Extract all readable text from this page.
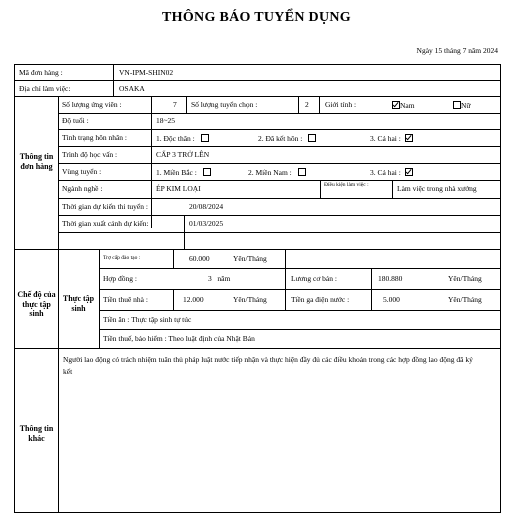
THÔNG BÁO TUYỂN DỤNG
Ngày 15 tháng 7 năm 2024
Mã đơn hàng :	VN-IPM-SHIN02
Địa chỉ làm việc:	OSAKA
Thông tin đơn hàng
Chế độ của thực tập sinh
Thực tập sinh
Thông tin khác
Số lượng ứng viên :	7 Số lượng tuyển chọn :	2 Giới tính :	Nam	Nữ
Độ tuổi :	18~25
Tình trạng hôn nhân :	1. Độc thân :	2. Đã kết hôn :	3. Cả hai :
Trình độ học vấn :	CẤP 3 TRỞ LÊN
Vùng tuyển :	1. Miền Bắc :	2. Miền Nam :	3. Cả hai :
Ngành nghề :	ÉP KIM LOẠI	Điều kiện làm việc :	Làm việc trong nhà xưởng
Thời gian dự kiến thi tuyển :	20/08/2024
Thời gian xuất cảnh dự kiến:	01/03/2025
Trợ cấp đào tạo :	60.000	Yên/Tháng
Hợp đồng :	3   năm	Lương cơ bản :	180.880	Yên/Tháng
Tiền thuê nhà :	12.000	Yên/Tháng	Tiền ga điện nước :	5.000	Yên/Tháng
Tiền ăn : Thực tập sinh tự túc
Tiền thuế, bảo hiểm : Theo luật định của Nhật Bản
Người lao động có trách nhiệm tuân thủ pháp luật nước tiếp nhận và thực hiện đầy đủ các điều khoản trong các hợp đồng lao động đã ký kết
